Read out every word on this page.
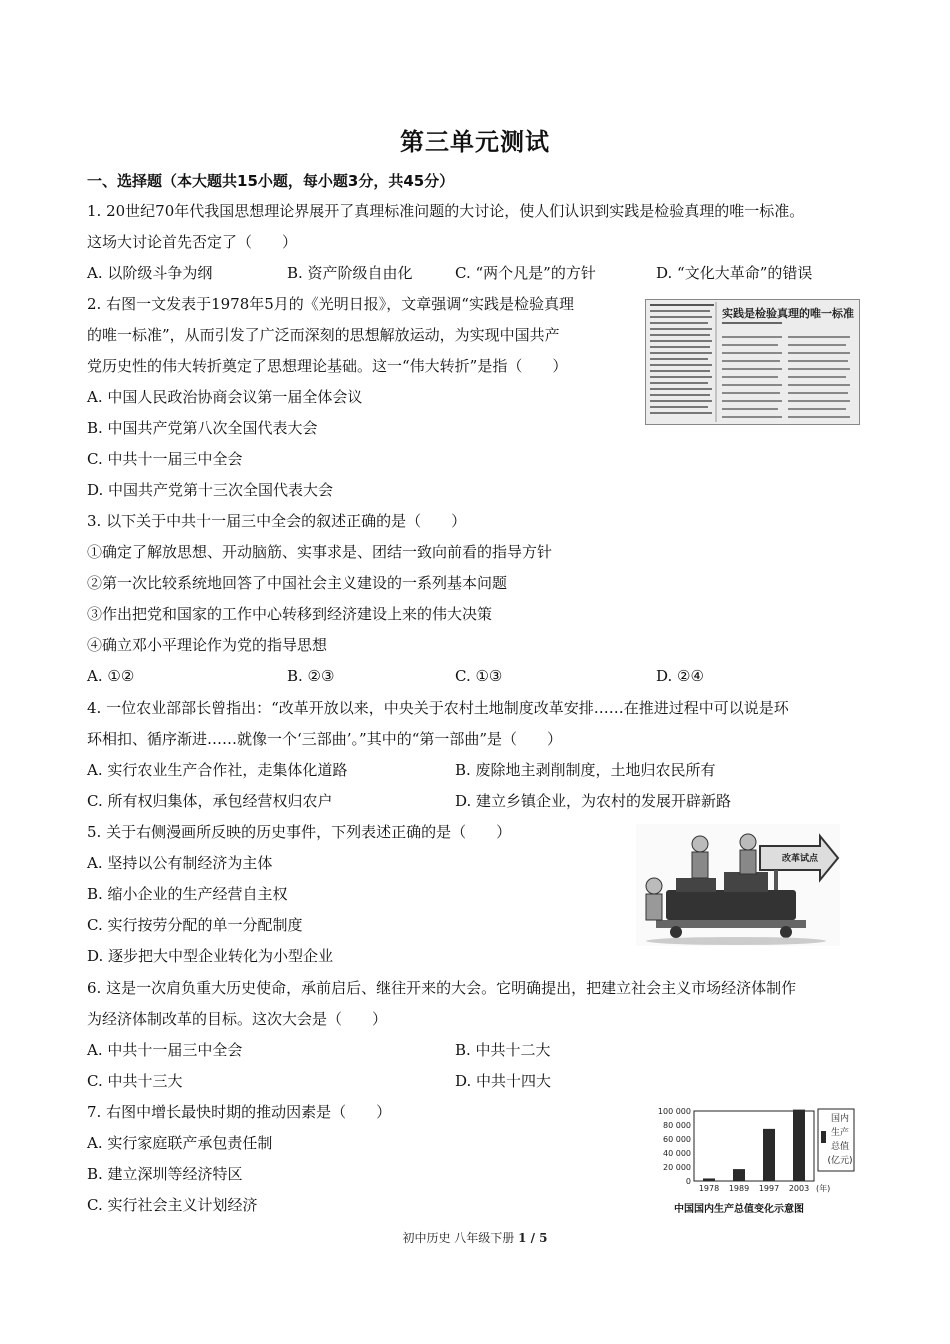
第三单元测试
一、选择题（本大题共15小题，每小题3分，共45分）
1. 20世纪70年代我国思想理论界展开了真理标准问题的大讨论，使人们认识到实践是检验真理的唯一标准。
这场大讨论首先否定了（　　）
A. 以阶级斗争为纲	B. 资产阶级自由化	C. “两个凡是”的方针	D. “文化大革命”的错误
2. 右图一文发表于1978年5月的《光明日报》，文章强调“实践是检验真理
的唯一标准”，从而引发了广泛而深刻的思想解放运动，为实现中国共产
党历史性的伟大转折奠定了思想理论基础。这一“伟大转折”是指（　　）
A. 中国人民政治协商会议第一届全体会议
B. 中国共产党第八次全国代表大会
C. 中共十一届三中全会
D. 中国共产党第十三次全国代表大会
实践是检验真理的唯一标准
3. 以下关于中共十一届三中全会的叙述正确的是（　　）
①确定了解放思想、开动脑筋、实事求是、团结一致向前看的指导方针
②第一次比较系统地回答了中国社会主义建设的一系列基本问题
③作出把党和国家的工作中心转移到经济建设上来的伟大决策
④确立邓小平理论作为党的指导思想
A. ①②	B. ②③	C. ①③	D. ②④
4. 一位农业部部长曾指出：“改革开放以来，中央关于农村土地制度改革安排……在推进过程中可以说是环
环相扣、循序渐进……就像一个‘三部曲’。”其中的“第一部曲”是（　　）
A. 实行农业生产合作社，走集体化道路	B. 废除地主剥削制度，土地归农民所有
C. 所有权归集体，承包经营权归农户	D. 建立乡镇企业，为农村的发展开辟新路
5. 关于右侧漫画所反映的历史事件，下列表述正确的是（　　）
A. 坚持以公有制经济为主体
B. 缩小企业的生产经营自主权
C. 实行按劳分配的单一分配制度
D. 逐步把大中型企业转化为小型企业
改革试点
6. 这是一次肩负重大历史使命，承前启后、继往开来的大会。它明确提出，把建立社会主义市场经济体制作
为经济体制改革的目标。这次大会是（　　）
A. 中共十一届三中全会	B. 中共十二大
C. 中共十三大	D. 中共十四大
7. 右图中增长最快时期的推动因素是（　　）
A. 实行家庭联产承包责任制
B. 建立深圳等经济特区
C. 实行社会主义计划经济
100 000
80 000
60 000
40 000
20 000
0
1978 1989 1997 2003 (年)
国内
生产
总值
(亿元)
中国国内生产总值变化示意图
初中历史 八年级下册 1 / 5
